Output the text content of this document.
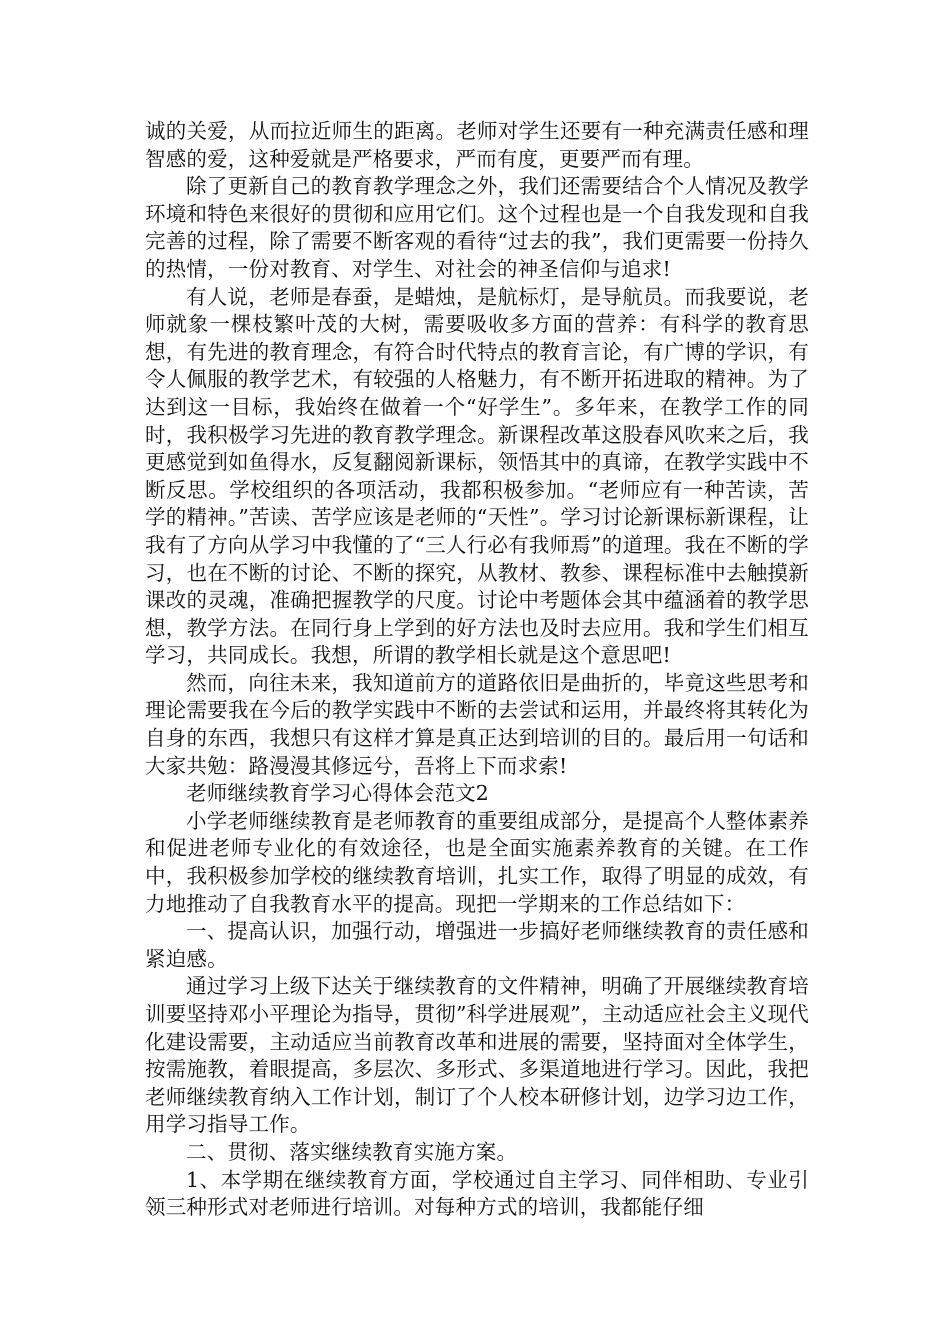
诚的关爱，从而拉近师生的距离。老师对学生还要有一种充满责任感和理智感的爱，这种爱就是严格要求，严而有度，更要严而有理。

除了更新自己的教育教学理念之外，我们还需要结合个人情况及教学环境和特色来很好的贯彻和应用它们。这个过程也是一个自我发现和自我完善的过程，除了需要不断客观的看待“过去的我”，我们更需要一份持久的热情，一份对教育、对学生、对社会的神圣信仰与追求!

有人说，老师是春蚕，是蜡烛，是航标灯，是导航员。而我要说，老师就象一棵枝繁叶茂的大树，需要吸收多方面的营养：有科学的教育思想，有先进的教育理念，有符合时代特点的教育言论，有广博的学识，有令人佩服的教学艺术，有较强的人格魅力，有不断开拓进取的精神。为了达到这一目标，我始终在做着一个“好学生”。多年来，在教学工作的同时，我积极学习先进的教育教学理念。新课程改革这股春风吹来之后，我更感觉到如鱼得水，反复翻阅新课标，领悟其中的真谛，在教学实践中不断反思。学校组织的各项活动，我都积极参加。“老师应有一种苦读，苦学的精神。”苦读、苦学应该是老师的“天性”。学习讨论新课标新课程，让我有了方向从学习中我懂的了“三人行必有我师焉”的道理。我在不断的学习，也在不断的讨论、不断的探究，从教材、教参、课程标准中去触摸新课改的灵魂，准确把握教学的尺度。讨论中考题体会其中蕴涵着的教学思想，教学方法。在同行身上学到的好方法也及时去应用。我和学生们相互学习，共同成长。我想，所谓的教学相长就是这个意思吧!

然而，向往未来，我知道前方的道路依旧是曲折的，毕竟这些思考和理论需要我在今后的教学实践中不断的去尝试和运用，并最终将其转化为自身的东西，我想只有这样才算是真正达到培训的目的。最后用一句话和大家共勉：路漫漫其修远兮，吾将上下而求索!

老师继续教育学习心得体会范文2

小学老师继续教育是老师教育的重要组成部分，是提高个人整体素养和促进老师专业化的有效途径，也是全面实施素养教育的关键。在工作中，我积极参加学校的继续教育培训，扎实工作，取得了明显的成效，有力地推动了自我教育水平的提高。现把一学期来的工作总结如下：

一、提高认识，加强行动，增强进一步搞好老师继续教育的责任感和紧迫感。

通过学习上级下达关于继续教育的文件精神，明确了开展继续教育培训要坚持邓小平理论为指导，贯彻”科学进展观”，主动适应社会主义现代化建设需要，主动适应当前教育改革和进展的需要，坚持面对全体学生，按需施教，着眼提高，多层次、多形式、多渠道地进行学习。因此，我把老师继续教育纳入工作计划，制订了个人校本研修计划，边学习边工作，用学习指导工作。

二、贯彻、落实继续教育实施方案。

1、本学期在继续教育方面，学校通过自主学习、同伴相助、专业引领三种形式对老师进行培训。对每种方式的培训，我都能仔细
